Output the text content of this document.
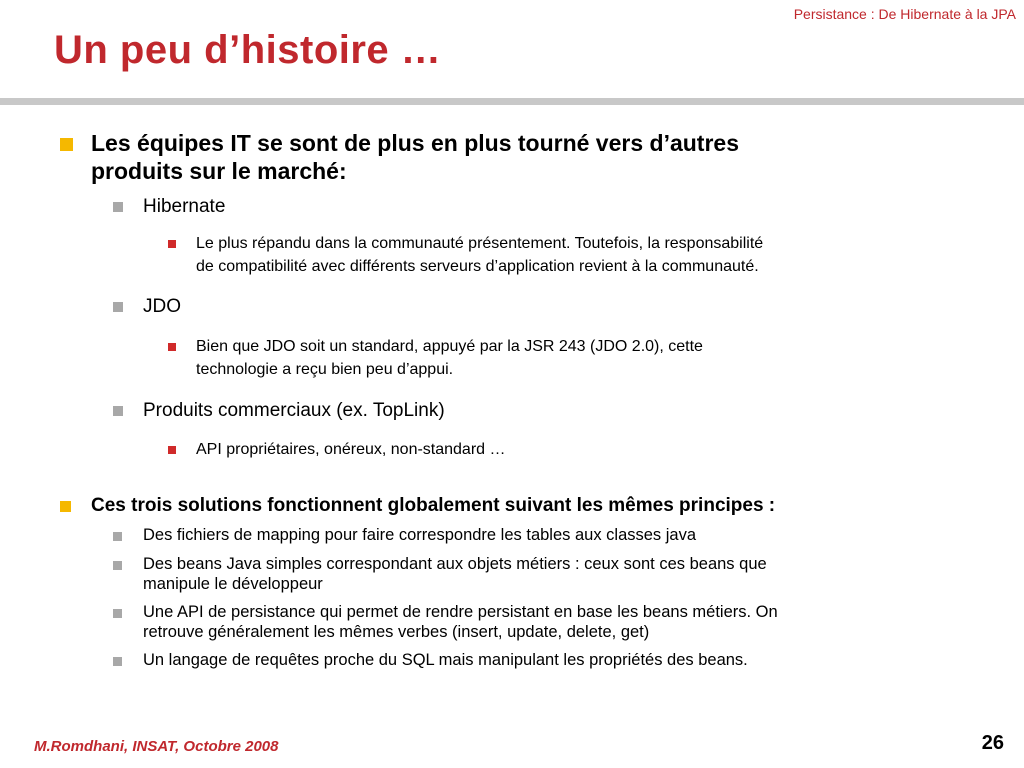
Persistance : De Hibernate à la JPA
Un peu d’histoire …
Les équipes IT se sont de plus en plus tourné vers d’autres
produits sur le marché:
Hibernate
Le plus répandu dans la communauté présentement. Toutefois, la responsabilité
de compatibilité avec différents serveurs d’application revient à la communauté.
JDO
Bien que JDO soit un standard, appuyé par la JSR 243 (JDO 2.0), cette
technologie a reçu bien peu d’appui.
Produits commerciaux (ex. TopLink)
API propriétaires, onéreux, non-standard …
Ces trois solutions fonctionnent globalement suivant les mêmes principes :
Des fichiers de mapping pour faire correspondre les tables aux classes java
Des beans Java simples correspondant aux objets métiers : ceux sont ces beans que
manipule le développeur
Une API de persistance qui permet de rendre persistant en base les beans métiers. On
retrouve généralement les mêmes verbes (insert, update, delete, get)
Un langage de requêtes proche du SQL mais manipulant les propriétés des beans.
M.Romdhani, INSAT, Octobre 2008	26
